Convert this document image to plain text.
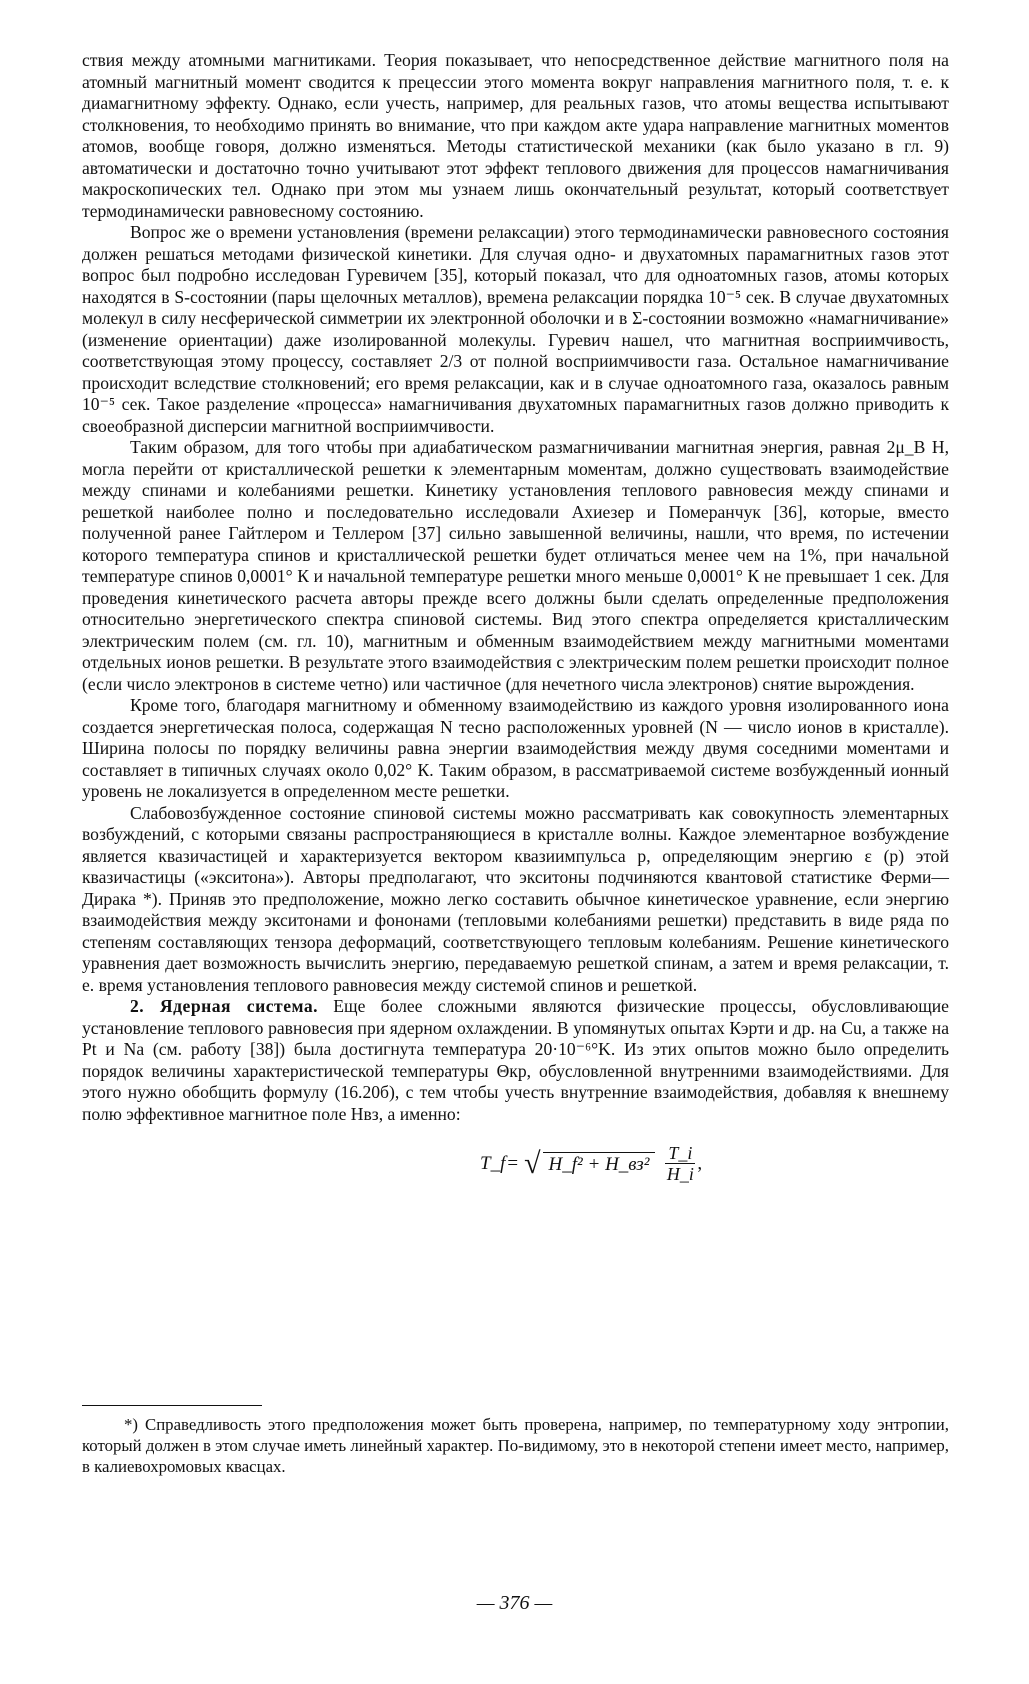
ствия между атомными магнитиками. Теория показывает, что непосредственное действие магнитного поля на атомный магнитный момент сводится к прецессии этого момента вокруг направления магнитного поля, т. е. к диамагнитному эффекту. Однако, если учесть, например, для реальных газов, что атомы вещества испытывают столкновения, то необходимо принять во внимание, что при каждом акте удара направление магнитных моментов атомов, вообще говоря, должно изменяться. Методы статистической механики (как было указано в гл. 9) автоматически и достаточно точно учитывают этот эффект теплового движения для процессов намагничивания макроскопических тел. Однако при этом мы узнаем лишь окончательный результат, который соответствует термодинамически равновесному состоянию.

Вопрос же о времени установления (времени релаксации) этого термодинамически равновесного состояния должен решаться методами физической кинетики. Для случая одно- и двухатомных парамагнитных газов этот вопрос был подробно исследован Гуревичем [35], который показал, что для одноатомных газов, атомы которых находятся в S-состоянии (пары щелочных металлов), времена релаксации порядка 10⁻⁵ сек. В случае двухатомных молекул в силу несферической симметрии их электронной оболочки и в Σ-состоянии возможно «намагничивание» (изменение ориентации) даже изолированной молекулы. Гуревич нашел, что магнитная восприимчивость, соответствующая этому процессу, составляет 2/3 от полной восприимчивости газа. Остальное намагничивание происходит вследствие столкновений; его время релаксации, как и в случае одноатомного газа, оказалось равным 10⁻⁵ сек. Такое разделение «процесса» намагничивания двухатомных парамагнитных газов должно приводить к своеобразной дисперсии магнитной восприимчивости.

Таким образом, для того чтобы при адиабатическом размагничивании магнитная энергия, равная 2μ_B H, могла перейти от кристаллической решетки к элементарным моментам, должно существовать взаимодействие между спинами и колебаниями решетки. Кинетику установления теплового равновесия между спинами и решеткой наиболее полно и последовательно исследовали Ахиезер и Померанчук [36], которые, вместо полученной ранее Гайтлером и Теллером [37] сильно завышенной величины, нашли, что время, по истечении которого температура спинов и кристаллической решетки будет отличаться менее чем на 1%, при начальной температуре спинов 0,0001° К и начальной температуре решетки много меньше 0,0001° К не превышает 1 сек. Для проведения кинетического расчета авторы прежде всего должны были сделать определенные предположения относительно энергетического спектра спиновой системы. Вид этого спектра определяется кристаллическим электрическим полем (см. гл. 10), магнитным и обменным взаимодействием между магнитными моментами отдельных ионов решетки. В результате этого взаимодействия с электрическим полем решетки происходит полное (если число электронов в системе четно) или частичное (для нечетного числа электронов) снятие вырождения.

Кроме того, благодаря магнитному и обменному взаимодействию из каждого уровня изолированного иона создается энергетическая полоса, содержащая N тесно расположенных уровней (N — число ионов в кристалле). Ширина полосы по порядку величины равна энергии взаимодействия между двумя соседними моментами и составляет в типичных случаях около 0,02° К. Таким образом, в рассматриваемой системе возбужденный ионный уровень не локализуется в определенном месте решетки.

Слабовозбужденное состояние спиновой системы можно рассматривать как совокупность элементарных возбуждений, с которыми связаны распространяющиеся в кристалле волны. Каждое элементарное возбуждение является квазичастицей и характеризуется вектором квазиимпульса p, определяющим энергию ε (p) этой квазичастицы («экситона»). Авторы предполагают, что экситоны подчиняются квантовой статистике Ферми—Дирака *). Приняв это предположение, можно легко составить обычное кинетическое уравнение, если энергию взаимодействия между экситонами и фононами (тепловыми колебаниями решетки) представить в виде ряда по степеням составляющих тензора деформаций, соответствующего тепловым колебаниям. Решение кинетического уравнения дает возможность вычислить энергию, передаваемую решеткой спинам, а затем и время релаксации, т. е. время установления теплового равновесия между системой спинов и решеткой.

2. Ядерная система. Еще более сложными являются физические процессы, обусловливающие установление теплового равновесия при ядерном охлаждении. В упомянутых опытах Кэрти и др. на Cu, а также на Pt и Na (см. работу [38]) была достигнута температура 20·10⁻⁶°K. Из этих опытов можно было определить порядок величины характеристической температуры Θкр, обусловленной внутренними взаимодействиями. Для этого нужно обобщить формулу (16.20б), с тем чтобы учесть внутренние взаимодействия, добавляя к внешнему полю эффективное магнитное поле Hвз, а именно:

T_f = √ H_f² + H_вз² $\frac{T\_i}{H\_i}$ ,

*) Справедливость этого предположения может быть проверена, например, по температурному ходу энтропии, который должен в этом случае иметь линейный характер. По-видимому, это в некоторой степени имеет место, например, в калиевохромовых квасцах.

— 376 —
